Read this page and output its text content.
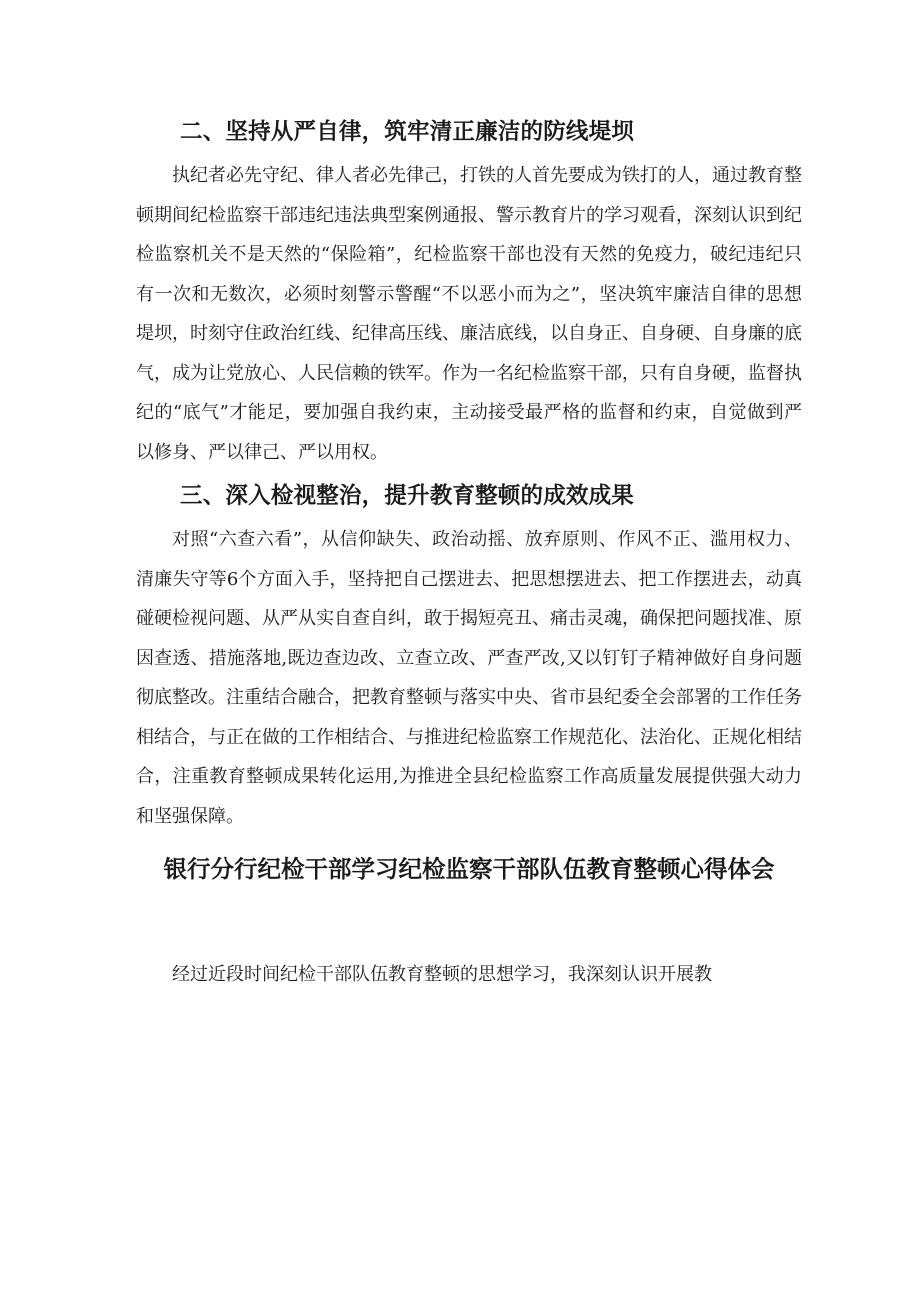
二、坚持从严自律，筑牢清正廉洁的防线堤坝

执纪者必先守纪、律人者必先律己，打铁的人首先要成为铁打的人，通过教育整顿期间纪检监察干部违纪违法典型案例通报、警示教育片的学习观看，深刻认识到纪检监察机关不是天然的“保险箱”，纪检监察干部也没有天然的免疫力，破纪违纪只有一次和无数次，必须时刻警示警醒“不以恶小而为之”，坚决筑牢廉洁自律的思想堤坝，时刻守住政治红线、纪律高压线、廉洁底线，以自身正、自身硬、自身廉的底气，成为让党放心、人民信赖的铁军。作为一名纪检监察干部，只有自身硬，监督执纪的“底气”才能足，要加强自我约束，主动接受最严格的监督和约束，自觉做到严以修身、严以律己、严以用权。

三、深入检视整治，提升教育整顿的成效成果

对照“六查六看”，从信仰缺失、政治动摇、放弃原则、作风不正、滥用权力、清廉失守等6个方面入手，坚持把自己摆进去、把思想摆进去、把工作摆进去，动真碰硬检视问题、从严从实自查自纠，敢于揭短亮丑、痛击灵魂，确保把问题找准、原因查透、措施落地,既边查边改、立查立改、严查严改,又以钉钉子精神做好自身问题彻底整改。注重结合融合，把教育整顿与落实中央、省市县纪委全会部署的工作任务相结合，与正在做的工作相结合、与推进纪检监察工作规范化、法治化、正规化相结合，注重教育整顿成果转化运用,为推进全县纪检监察工作高质量发展提供强大动力和坚强保障。

银行分行纪检干部学习纪检监察干部队伍教育整顿心得体会

经过近段时间纪检干部队伍教育整顿的思想学习，我深刻认识开展教
